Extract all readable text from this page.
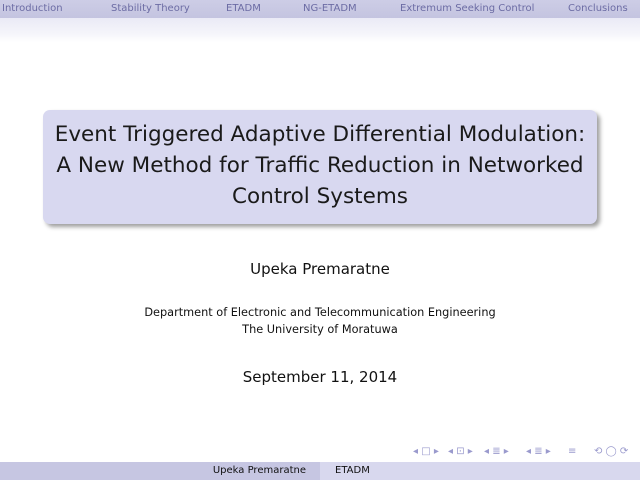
Introduction	Stability Theory	ETADM	NG-ETADM	Extremum Seeking Control	Conclusions
Event Triggered Adaptive Differential Modulation:
A New Method for Traffic Reduction in Networked
Control Systems
Upeka Premaratne
Department of Electronic and Telecommunication Engineering
The University of Moratuwa
September 11, 2014
◂ □ ▸ ◂ ⊡ ▸ ◂ ≣ ▸ ◂ ≣ ▸ ≡ ⟲ ◯ ⟳
Upeka Premaratne	ETADM
